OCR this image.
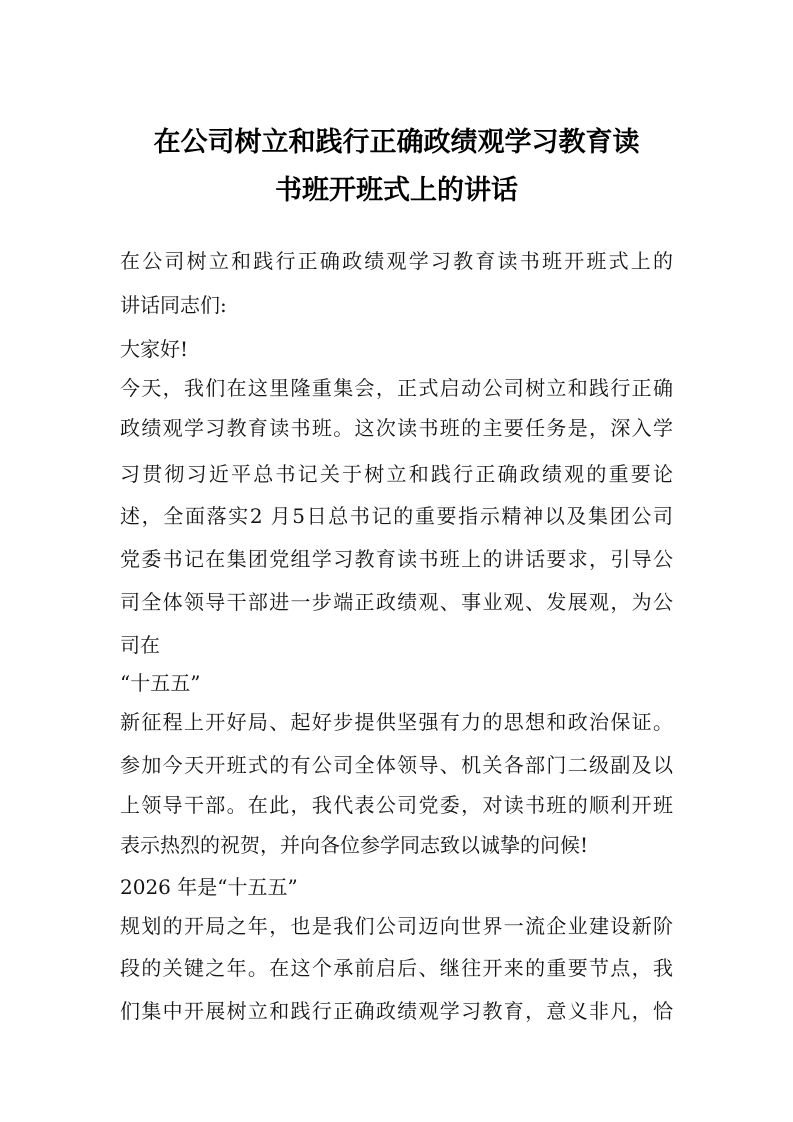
在公司树立和践行正确政绩观学习教育读
书班开班式上的讲话
在公司树立和践行正确政绩观学习教育读书班开班式上的
讲话同志们:
大家好!
今天，我们在这里隆重集会，正式启动公司树立和践行正确
政绩观学习教育读书班。这次读书班的主要任务是，深入学
习贯彻习近平总书记关于树立和践行正确政绩观的重要论
述，全面落实2 月5日总书记的重要指示精神以及集团公司
党委书记在集团党组学习教育读书班上的讲话要求，引导公
司全体领导干部进一步端正政绩观、事业观、发展观，为公
司在
“十五五”
新征程上开好局、起好步提供坚强有力的思想和政治保证。
参加今天开班式的有公司全体领导、机关各部门二级副及以
上领导干部。在此，我代表公司党委，对读书班的顺利开班
表示热烈的祝贺，并向各位参学同志致以诚挚的问候!
2026 年是“十五五”
规划的开局之年，也是我们公司迈向世界一流企业建设新阶
段的关键之年。在这个承前启后、继往开来的重要节点，我
们集中开展树立和践行正确政绩观学习教育，意义非凡，恰
